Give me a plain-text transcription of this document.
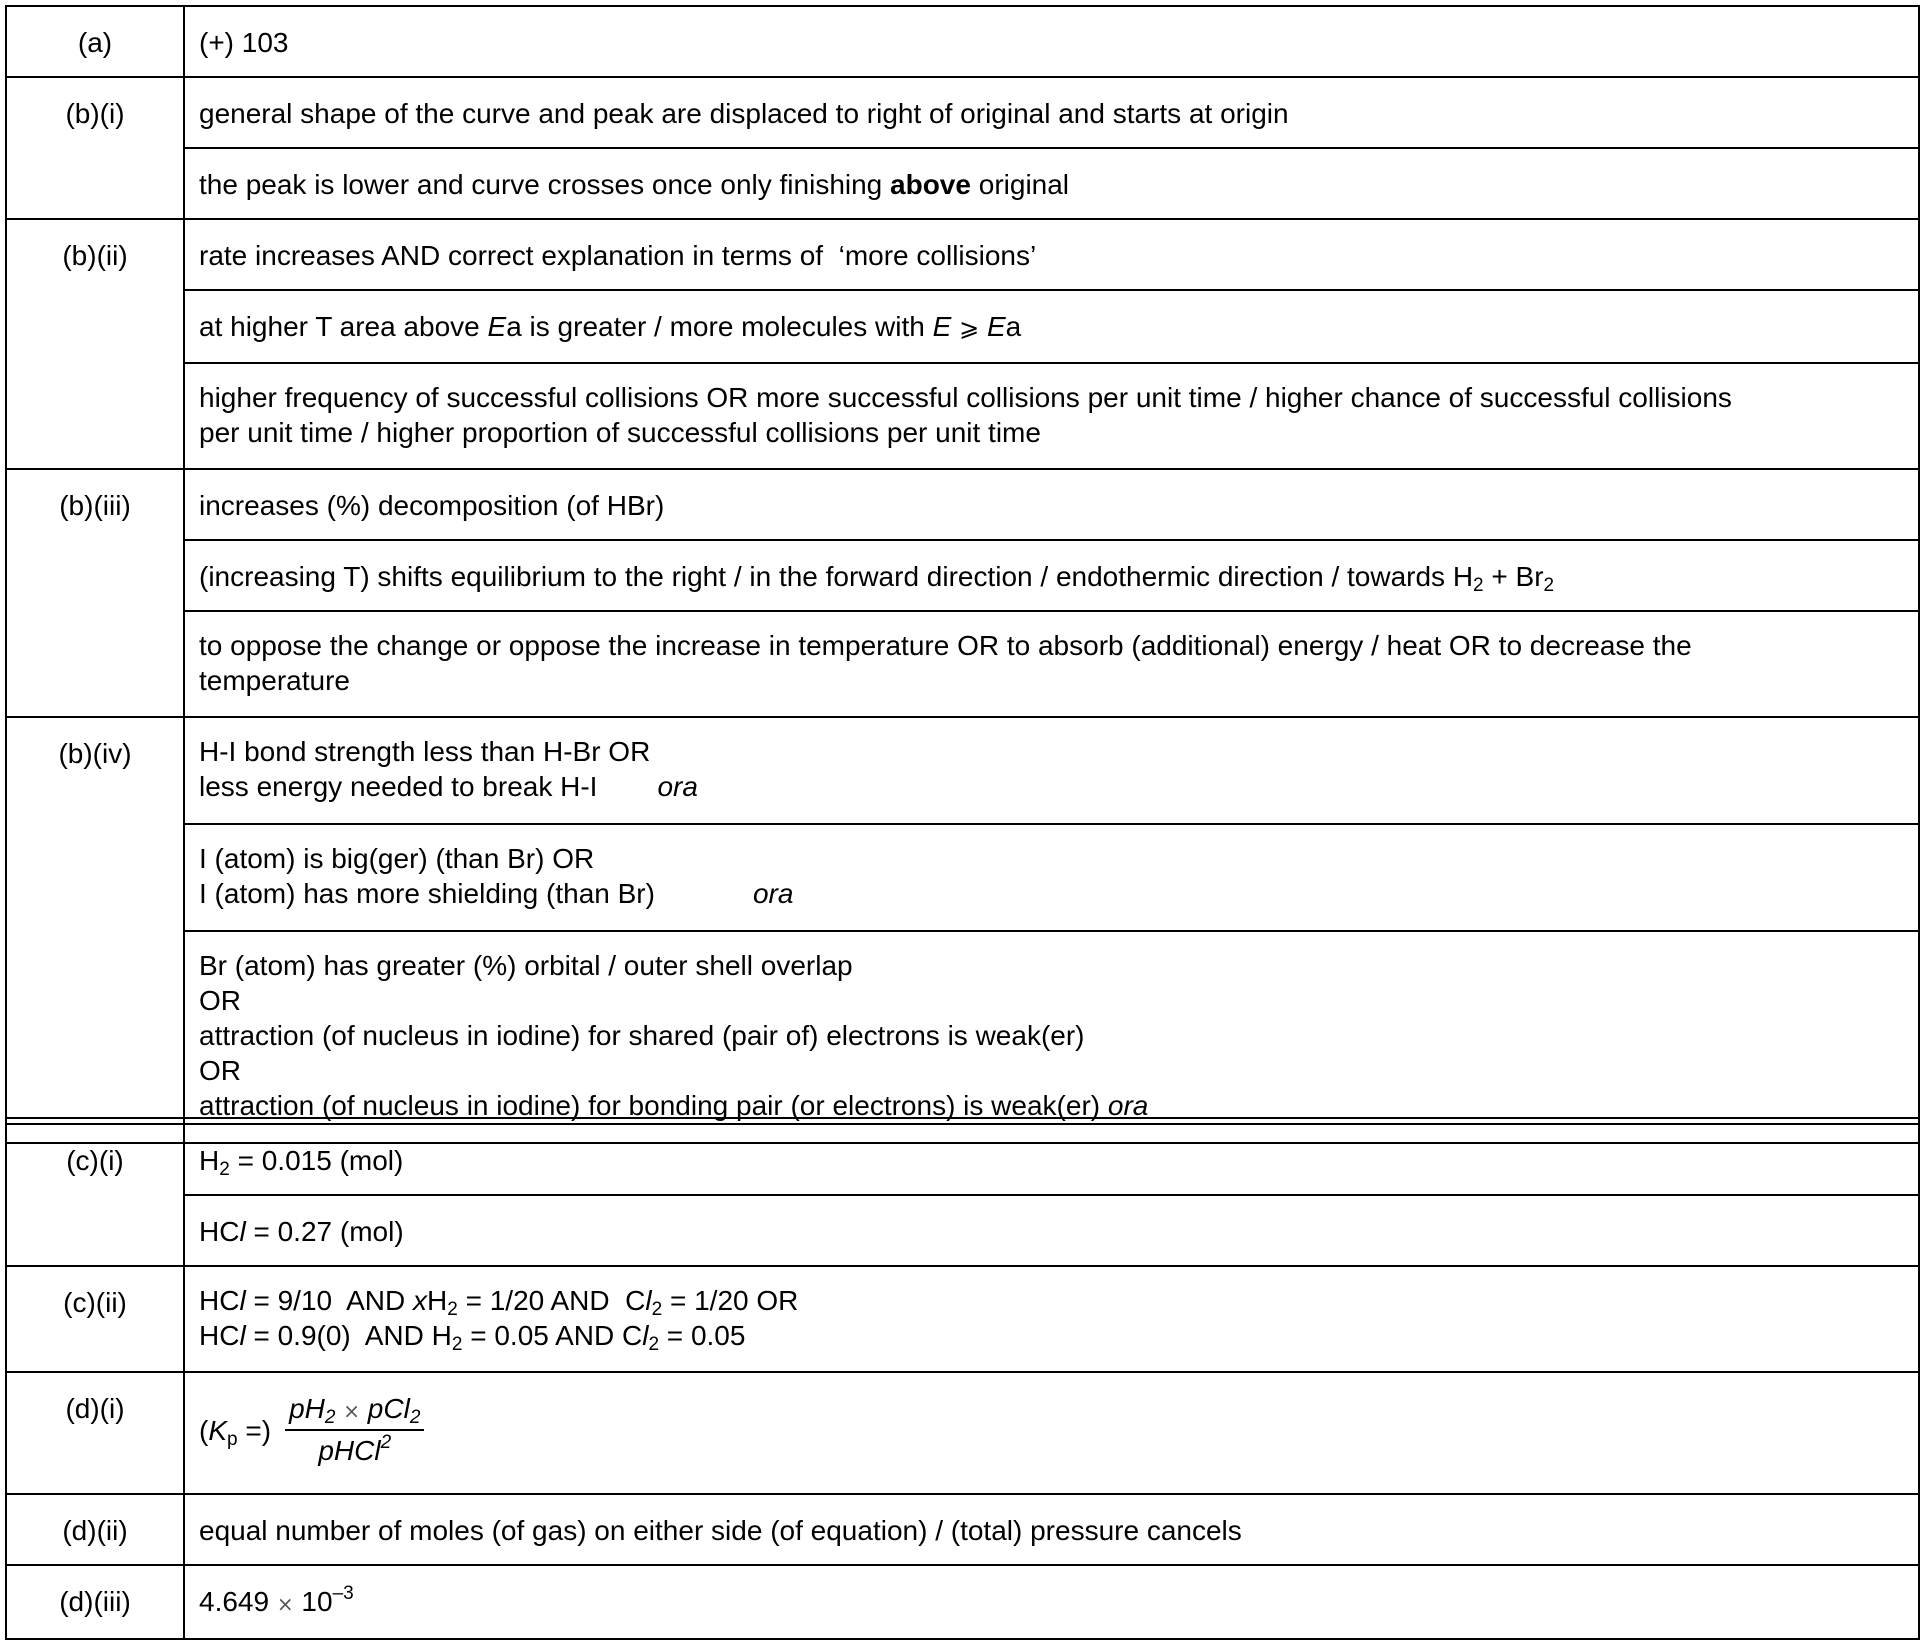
(a)	(+) 103
(b)(i)	general shape of the curve and peak are displaced to right of original and starts at origin
	the peak is lower and curve crosses once only finishing above original
(b)(ii)	rate increases AND correct explanation in terms of  ‘more collisions’
	at higher T area above Ea is greater / more molecules with E ⩾ Ea

	higher frequency of successful collisions OR more successful collisions per unit time / higher chance of successful collisions
per unit time / higher proportion of successful collisions per unit time

(b)(iii)	increases (%) decomposition (of HBr)
	(increasing T) shifts equilibrium to the right / in the forward direction / endothermic direction / towards $H_2 + Br_2$

	to oppose the change or oppose the increase in temperature OR to absorb (additional) energy / heat OR to decrease the
temperature

(b)(iv)	H-I bond strength less than H-Br OR
less energy needed to break H-I ora

	I (atom) is big(ger) (than Br) OR
I (atom) has more shielding (than Br) ora

	Br (atom) has greater (%) orbital / outer shell overlap
OR
attraction (of nucleus in iodine) for shared (pair of) electrons is weak(er)
OR
attraction (of nucleus in iodine) for bonding pair (or electrons) is weak(er) ora
(c)(i)	$H_2 = 0.015$ (mol)
	HCl = 0.27 (mol)
(c)(ii)	HCl = 9/10  AND $xH_2 = 1/20$ AND  $Cl_2 = 1/20$ OR
HCl = 0.9(0)  AND $H_2 = 0.05$ AND $Cl_2 = 0.05$

(d)(i)	($K_p$ =) $\frac{pH_2 \times pCl_2}{pHCl^2}$

(d)(ii)	equal number of moles (of gas) on either side (of equation) / (total) pressure cancels
(d)(iii)	$4.649 \times 10^{-3}$
